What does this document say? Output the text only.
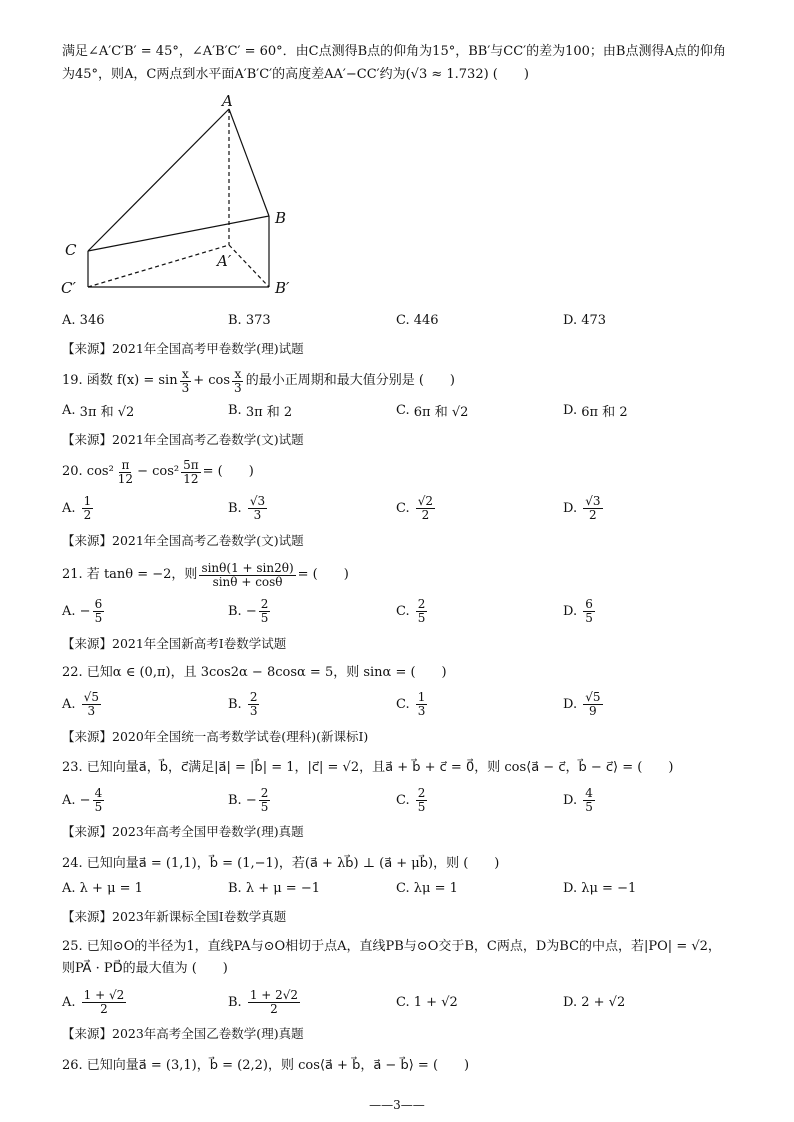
满足∠A′C′B′ = 45°，∠A′B′C′ = 60°．由C点测得B点的仰角为15°，BB′与CC′的差为100；由B点测得A点的仰角
为45°，则A，C两点到水平面A′B′C′的高度差AA′−CC′约为(√3 ≈ 1.732) (　　)
A
B
C
A′
B′
C′
A.
346	B.
373	C.
446	D.
473
【来源】2021年全国高考甲卷数学(理)试题
19. 函数 $f(x) = \sin \frac{x}{3} + \cos \frac{x}{3}$ 的最小正周期和最大值分别是 (　　)
A.
3π 和 √2	B.
3π 和 2	C.
6π 和 √2	D.
6π 和 2
【来源】2021年全国高考乙卷数学(文)试题
20. $\cos^2 \frac{\pi}{12} - \cos^2 \frac{5\pi}{12}$ = (　　)
A.
$\frac{1}{2}$	B.
$\frac{√3}{3}$	C.
$\frac{√2}{2}$	D.
$\frac{√3}{2}$
【来源】2021年全国高考乙卷数学(文)试题
21. 若 tanθ = −2，则 $\frac{\sin\theta(1 + \sin 2\theta)}{\sin\theta + \cos\theta}$ = (　　)
A.
− $\frac{6}{5}$	B.
− $\frac{2}{5}$	C.
$\frac{2}{5}$	D.
$\frac{6}{5}$
【来源】2021年全国新高考Ⅰ卷数学试题
22. 已知α ∈ (0,π)，且 3cos2α − 8cosα = 5，则 sinα = (　　)
A.
$\frac{√5}{3}$	B.
$\frac{2}{3}$	C.
$\frac{1}{3}$	D.
$\frac{√5}{9}$
【来源】2020年全国统一高考数学试卷(理科)(新课标Ⅰ)
23. 已知向量a⃗，b⃗，c⃗满足|a⃗| = |b⃗| = 1，|c⃗| = √2，且a⃗ + b⃗ + c⃗ = 0⃗，则 cos⟨a⃗ − c⃗，b⃗ − c⃗⟩ = (　　)
A.
− $\frac{4}{5}$	B.
− $\frac{2}{5}$	C.
$\frac{2}{5}$	D.
$\frac{4}{5}$
【来源】2023年高考全国甲卷数学(理)真题
24. 已知向量a⃗ = (1,1)，b⃗ = (1,−1)，若(a⃗ + λb⃗) ⊥ (a⃗ + μb⃗)，则 (　　)
A.
λ + μ = 1	B.
λ + μ = −1	C.
λμ = 1	D.
λμ = −1
【来源】2023年新课标全国Ⅰ卷数学真题
25. 已知⊙O的半径为1，直线PA与⊙O相切于点A，直线PB与⊙O交于B，C两点，D为BC的中点，若|PO| = √2，
则PA⃗ · PD⃗的最大值为 (　　)
A.
$\frac{1 + √2}{2}$	B.
$\frac{1 + 2√2}{2}$	C.
1 + √2	D.
2 + √2
【来源】2023年高考全国乙卷数学(理)真题
26. 已知向量a⃗ = (3,1)，b⃗ = (2,2)，则 cos⟨a⃗ + b⃗，a⃗ − b⃗⟩ = (　　)
——3——
